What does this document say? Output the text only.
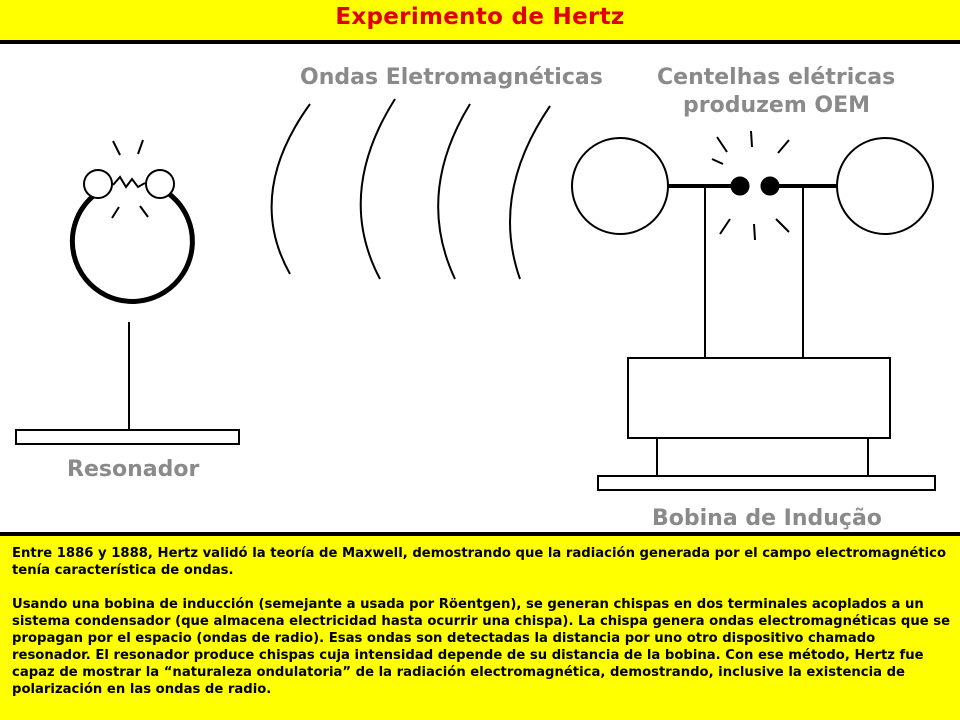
Experimento de Hertz
Resonador
Ondas Eletromagnéticas Centelhas elétricas
produzem OEM
Bobina de Indução

Entre 1886 y 1888, Hertz validó la teoría de Maxwell, demostrando que la radiación generada por el campo electromagnético tenía característica de ondas.

Usando una bobina de inducción (semejante a usada por Röentgen), se generan chispas en dos terminales acoplados a un sistema condensador (que almacena electricidad hasta ocurrir una chispa). La chispa genera ondas electromagnéticas que se propagan por el espacio (ondas de radio). Esas ondas son detectadas la distancia por uno otro dispositivo chamado resonador. El resonador produce chispas cuja intensidad depende de su distancia de la bobina. Con ese método, Hertz fue capaz de mostrar la “naturaleza ondulatoria” de la radiación electromagnética, demostrando, inclusive la existencia de polarización en las ondas de radio.
